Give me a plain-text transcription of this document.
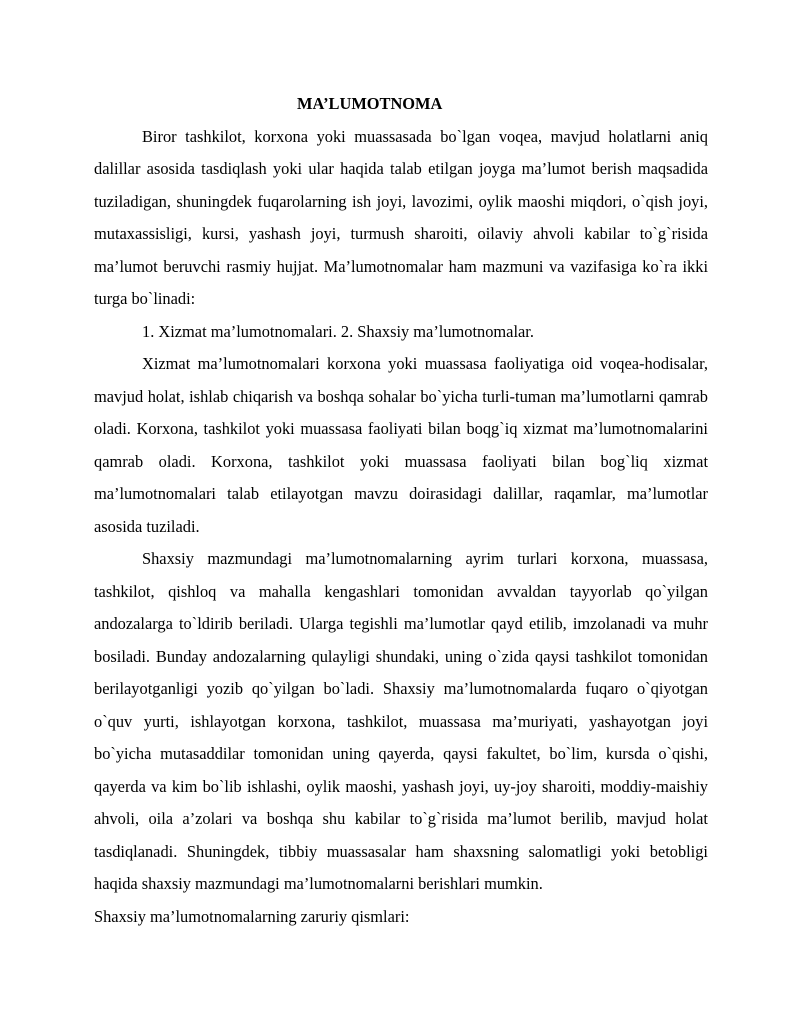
MA’LUMOTNOMA

Biror tashkilot, korxona yoki muassasada bo`lgan voqea, mavjud holatlarni aniq dalillar asosida tasdiqlash yoki ular haqida talab etilgan joyga ma’lumot berish maqsadida tuziladigan, shuningdek fuqarolarning ish joyi, lavozimi, oylik maoshi miqdori, o`qish joyi, mutaxassisligi, kursi, yashash joyi, turmush sharoiti, oilaviy ahvoli kabilar to`g`risida ma’lumot beruvchi rasmiy hujjat. Ma’lumotnomalar ham mazmuni va vazifasiga ko`ra ikki turga bo`linadi:

1. Xizmat ma’lumotnomalari. 2. Shaxsiy ma’lumotnomalar.

Xizmat ma’lumotnomalari korxona yoki muassasa faoliyatiga oid voqea-hodisalar, mavjud holat, ishlab chiqarish va boshqa sohalar bo`yicha turli-tuman ma’lumotlarni qamrab oladi. Korxona, tashkilot yoki muassasa faoliyati bilan boqg`iq xizmat ma’lumotnomalarini qamrab oladi. Korxona, tashkilot yoki muassasa faoliyati bilan bog`liq xizmat ma’lumotnomalari talab etilayotgan mavzu doirasidagi dalillar, raqamlar, ma’lumotlar asosida tuziladi.

Shaxsiy mazmundagi ma’lumotnomalarning ayrim turlari korxona, muassasa, tashkilot, qishloq va mahalla kengashlari tomonidan avvaldan tayyorlab qo`yilgan andozalarga to`ldirib beriladi. Ularga tegishli ma’lumotlar qayd etilib, imzolanadi va muhr bosiladi. Bunday andozalarning qulayligi shundaki, uning o`zida qaysi tashkilot tomonidan berilayotganligi yozib qo`yilgan bo`ladi. Shaxsiy ma’lumotnomalarda fuqaro o`qiyotgan o`quv yurti, ishlayotgan korxona, tashkilot, muassasa ma’muriyati, yashayotgan joyi bo`yicha mutasaddilar tomonidan uning qayerda, qaysi fakultet, bo`lim, kursda o`qishi, qayerda va kim bo`lib ishlashi, oylik maoshi, yashash joyi, uy-joy sharoiti, moddiy-maishiy ahvoli, oila a’zolari va boshqa shu kabilar to`g`risida ma’lumot berilib, mavjud holat tasdiqlanadi. Shuningdek, tibbiy muassasalar ham shaxsning salomatligi yoki betobligi haqida shaxsiy mazmundagi ma’lumotnomalarni berishlari mumkin.

Shaxsiy ma’lumotnomalarning zaruriy qismlari:
